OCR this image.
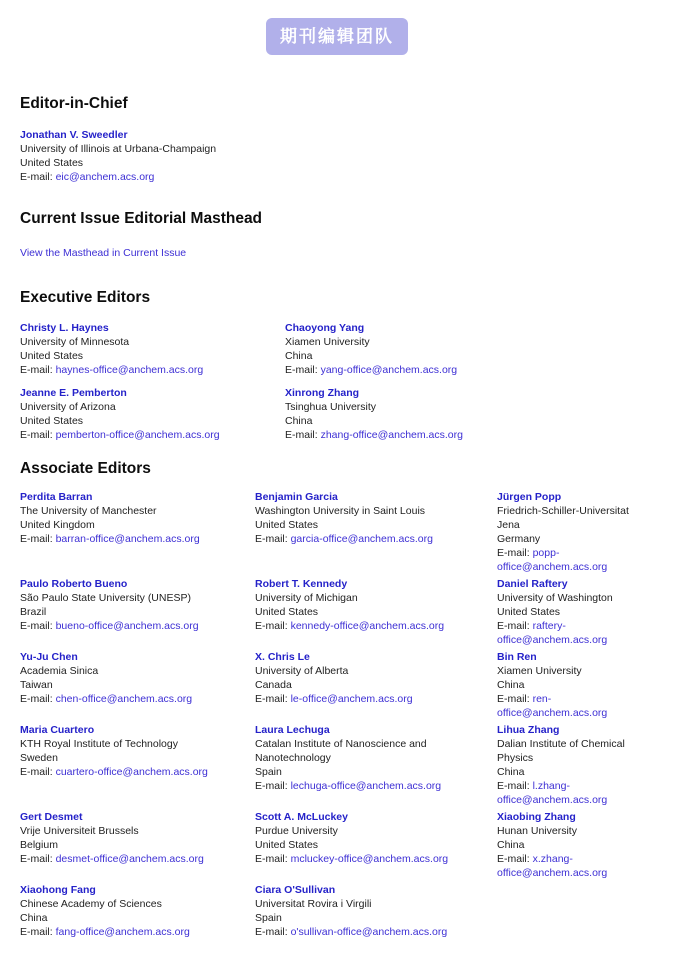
期刊编辑团队
Editor-in-Chief
Jonathan V. Sweedler
University of Illinois at Urbana-Champaign
United States
E-mail: eic@anchem.acs.org
Current Issue Editorial Masthead
View the Masthead in Current Issue
Executive Editors
Christy L. Haynes
University of Minnesota
United States
E-mail: haynes-office@anchem.acs.org
Chaoyong Yang
Xiamen University
China
E-mail: yang-office@anchem.acs.org
Jeanne E. Pemberton
University of Arizona
United States
E-mail: pemberton-office@anchem.acs.org
Xinrong Zhang
Tsinghua University
China
E-mail: zhang-office@anchem.acs.org
Associate Editors
Perdita Barran
The University of Manchester
United Kingdom
E-mail: barran-office@anchem.acs.org
Benjamin Garcia
Washington University in Saint Louis
United States
E-mail: garcia-office@anchem.acs.org
Jürgen Popp
Friedrich-Schiller-Universitat Jena
Germany
E-mail: popp-office@anchem.acs.org
Paulo Roberto Bueno
São Paulo State University (UNESP)
Brazil
E-mail: bueno-office@anchem.acs.org
Robert T. Kennedy
University of Michigan
United States
E-mail: kennedy-office@anchem.acs.org
Daniel Raftery
University of Washington
United States
E-mail: raftery-office@anchem.acs.org
Yu-Ju Chen
Academia Sinica
Taiwan
E-mail: chen-office@anchem.acs.org
X. Chris Le
University of Alberta
Canada
E-mail: le-office@anchem.acs.org
Bin Ren
Xiamen University
China
E-mail: ren-office@anchem.acs.org
Maria Cuartero
KTH Royal Institute of Technology
Sweden
E-mail: cuartero-office@anchem.acs.org
Laura Lechuga
Catalan Institute of Nanoscience and Nanotechnology
Spain
E-mail: lechuga-office@anchem.acs.org
Lihua Zhang
Dalian Institute of Chemical Physics
China
E-mail: l.zhang-office@anchem.acs.org
Gert Desmet
Vrije Universiteit Brussels
Belgium
E-mail: desmet-office@anchem.acs.org
Scott A. McLuckey
Purdue University
United States
E-mail: mcluckey-office@anchem.acs.org
Xiaobing Zhang
Hunan University
China
E-mail: x.zhang-office@anchem.acs.org
Xiaohong Fang
Chinese Academy of Sciences
China
E-mail: fang-office@anchem.acs.org
Ciara O'Sullivan
Universitat Rovira i Virgili
Spain
E-mail: o'sullivan-office@anchem.acs.org
